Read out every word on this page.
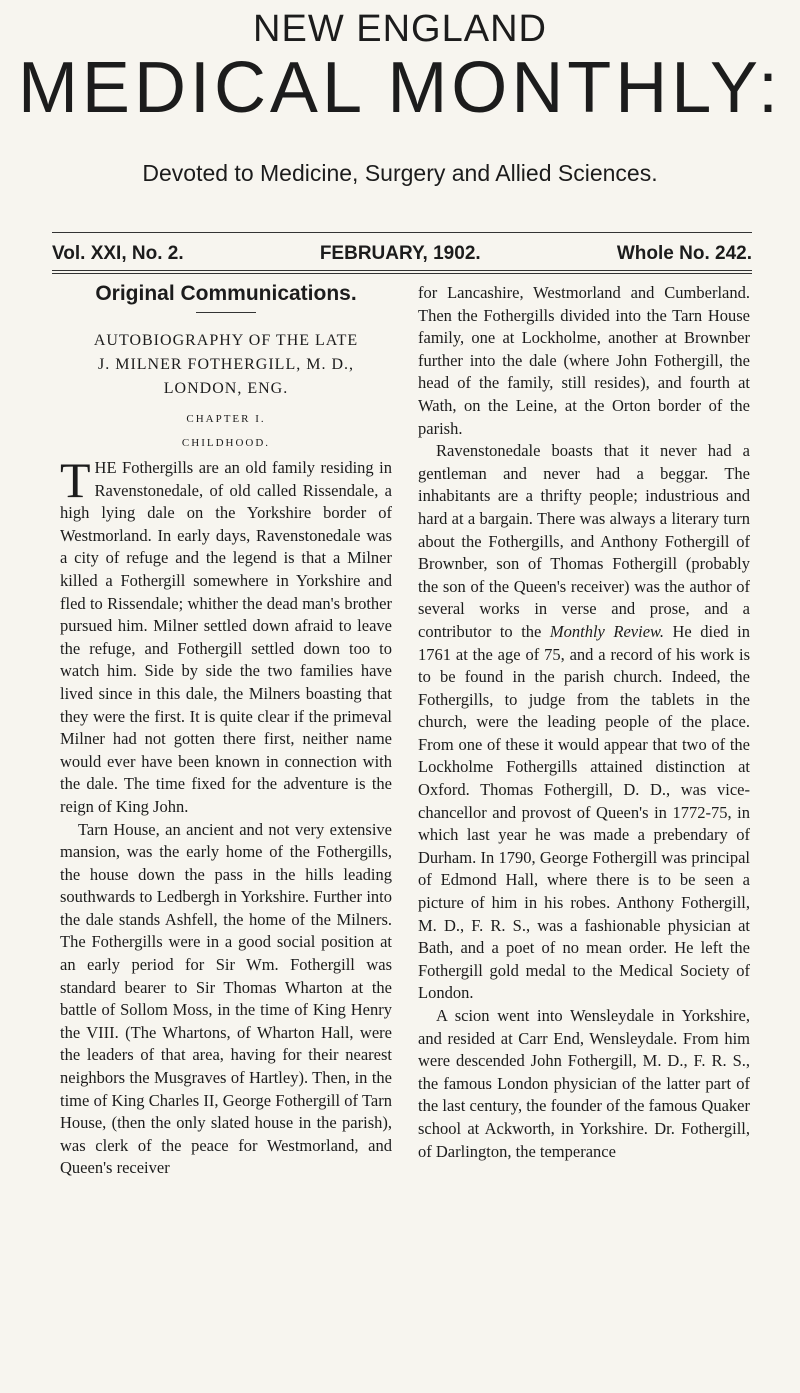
NEW ENGLAND
MEDICAL MONTHLY:
Devoted to Medicine, Surgery and Allied Sciences.
Vol. XXI, No. 2.	FEBRUARY, 1902.	Whole No. 242.
Original Communications.
AUTOBIOGRAPHY OF THE LATE
J. MILNER FOTHERGILL, M. D.,
LONDON, ENG.
CHAPTER I.
CHILDHOOD.

THE Fothergills are an old family residing in Ravenstonedale, of old called Rissendale, a high lying dale on the Yorkshire border of Westmorland. In early days, Ravenstonedale was a city of refuge and the legend is that a Milner killed a Fothergill somewhere in Yorkshire and fled to Rissendale; whither the dead man's brother pursued him. Milner settled down afraid to leave the refuge, and Fothergill settled down too to watch him. Side by side the two families have lived since in this dale, the Milners boasting that they were the first. It is quite clear if the primeval Milner had not gotten there first, neither name would ever have been known in connection with the dale. The time fixed for the adventure is the reign of King John.

Tarn House, an ancient and not very extensive mansion, was the early home of the Fothergills, the house down the pass in the hills leading southwards to Ledbergh in Yorkshire. Further into the dale stands Ashfell, the home of the Milners. The Fothergills were in a good social position at an early period for Sir Wm. Fothergill was standard bearer to Sir Thomas Wharton at the battle of Sollom Moss, in the time of King Henry the VIII. (The Whartons, of Wharton Hall, were the leaders of that area, having for their nearest neighbors the Musgraves of Hartley). Then, in the time of King Charles II, George Fothergill of Tarn House, (then the only slated house in the parish), was clerk of the peace for Westmorland, and Queen's receiver

for Lancashire, Westmorland and Cumberland. Then the Fothergills divided into the Tarn House family, one at Lockholme, another at Brownber further into the dale (where John Fothergill, the head of the family, still resides), and fourth at Wath, on the Leine, at the Orton border of the parish.

Ravenstonedale boasts that it never had a gentleman and never had a beggar. The inhabitants are a thrifty people; industrious and hard at a bargain. There was always a literary turn about the Fothergills, and Anthony Fothergill of Brownber, son of Thomas Fothergill (probably the son of the Queen's receiver) was the author of several works in verse and prose, and a contributor to the Monthly Review. He died in 1761 at the age of 75, and a record of his work is to be found in the parish church. Indeed, the Fothergills, to judge from the tablets in the church, were the leading people of the place. From one of these it would appear that two of the Lockholme Fothergills attained distinction at Oxford. Thomas Fothergill, D. D., was vice-chancellor and provost of Queen's in 1772-75, in which last year he was made a prebendary of Durham. In 1790, George Fothergill was principal of Edmond Hall, where there is to be seen a picture of him in his robes. Anthony Fothergill, M. D., F. R. S., was a fashionable physician at Bath, and a poet of no mean order. He left the Fothergill gold medal to the Medical Society of London.

A scion went into Wensleydale in Yorkshire, and resided at Carr End, Wensleydale. From him were descended John Fothergill, M. D., F. R. S., the famous London physician of the latter part of the last century, the founder of the famous Quaker school at Ackworth, in Yorkshire. Dr. Fothergill, of Darlington, the temperance
